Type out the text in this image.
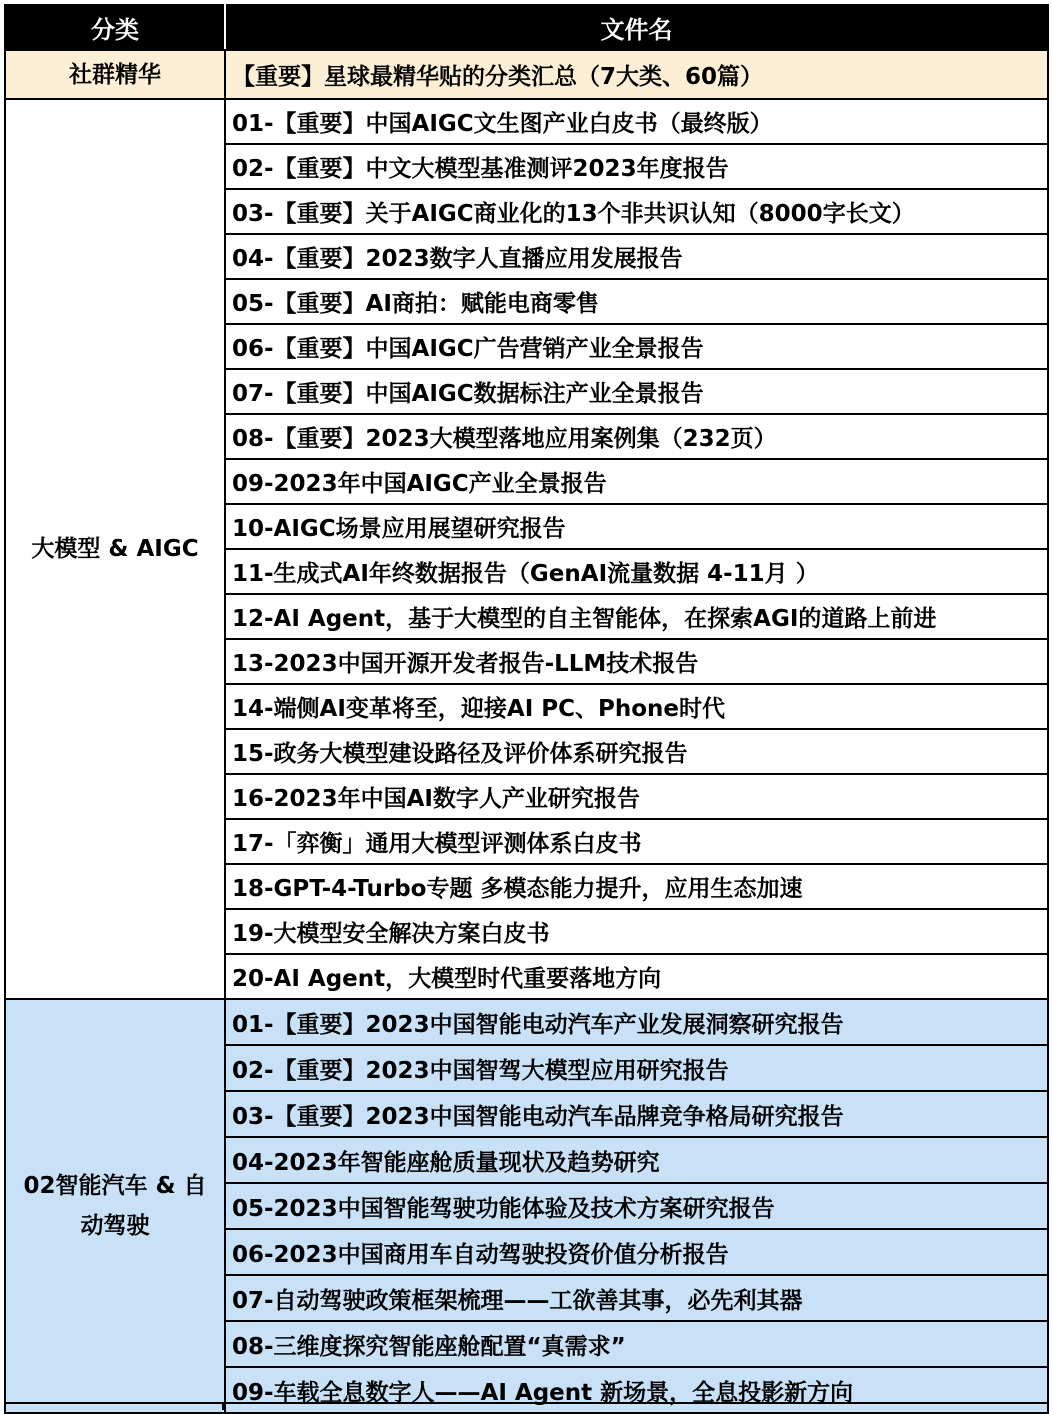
分类	文件名
社群精华	【重要】星球最精华贴的分类汇总（7大类、60篇）
大模型 & AIGC	01-【重要】中国AIGC文生图产业白皮书（最终版）
	02-【重要】中文大模型基准测评2023年度报告
	03-【重要】关于AIGC商业化的13个非共识认知（8000字长文）
	04-【重要】2023数字人直播应用发展报告
	05-【重要】AI商拍：赋能电商零售
	06-【重要】中国AIGC广告营销产业全景报告
	07-【重要】中国AIGC数据标注产业全景报告
	08-【重要】2023大模型落地应用案例集（232页）
	09-2023年中国AIGC产业全景报告
	10-AIGC场景应用展望研究报告
	11-生成式AI年终数据报告（GenAI流量数据 4-11月 ）
	12-AI Agent，基于大模型的自主智能体，在探索AGI的道路上前进
	13-2023中国开源开发者报告-LLM技术报告
	14-端侧AI变革将至，迎接AI PC、Phone时代
	15-政务大模型建设路径及评价体系研究报告
	16-2023年中国AI数字人产业研究报告
	17-「弈衡」通用大模型评测体系白皮书
	18-GPT-4-Turbo专题 多模态能力提升，应用生态加速
	19-大模型安全解决方案白皮书
	20-AI Agent，大模型时代重要落地方向
02智能汽车 & 自动驾驶	01-【重要】2023中国智能电动汽车产业发展洞察研究报告
	02-【重要】2023中国智驾大模型应用研究报告
	03-【重要】2023中国智能电动汽车品牌竞争格局研究报告
	04-2023年智能座舱质量现状及趋势研究
	05-2023中国智能驾驶功能体验及技术方案研究报告
	06-2023中国商用车自动驾驶投资价值分析报告
	07-自动驾驶政策框架梳理——工欲善其事，必先利其器
	08-三维度探究智能座舱配置“真需求”
	09-车载全息数字人——AI Agent 新场景，全息投影新方向
